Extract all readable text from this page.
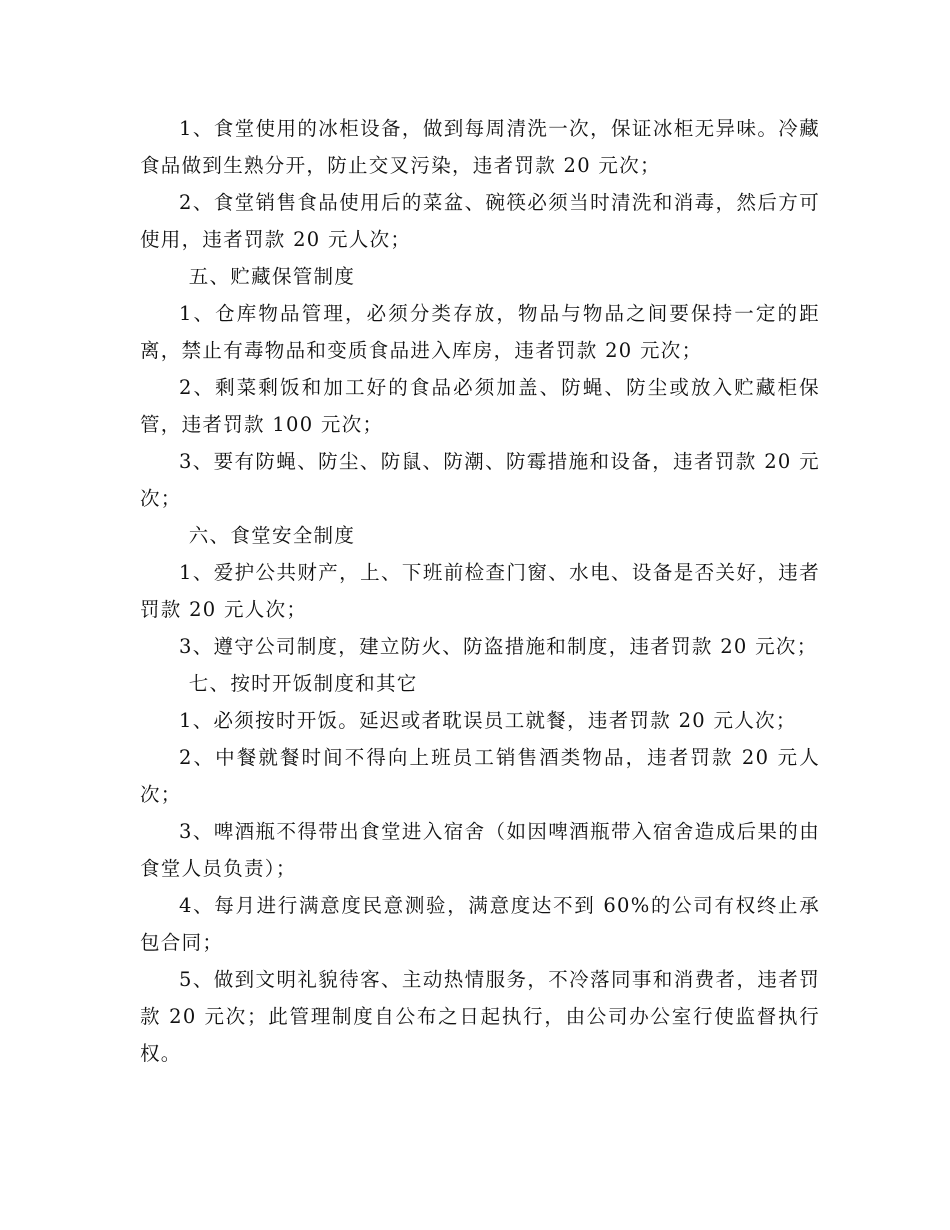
1、食堂使用的冰柜设备，做到每周清洗一次，保证冰柜无异味。冷藏食品做到生熟分开，防止交叉污染，违者罚款 20 元次；

2、食堂销售食品使用后的菜盆、碗筷必须当时清洗和消毒，然后方可使用，违者罚款 20 元人次；

五、贮藏保管制度

1、仓库物品管理，必须分类存放，物品与物品之间要保持一定的距离，禁止有毒物品和变质食品进入库房，违者罚款 20 元次；

2、剩菜剩饭和加工好的食品必须加盖、防蝇、防尘或放入贮藏柜保管，违者罚款 100 元次；

3、要有防蝇、防尘、防鼠、防潮、防霉措施和设备，违者罚款 20 元次；

六、食堂安全制度

1、爱护公共财产，上、下班前检查门窗、水电、设备是否关好，违者罚款 20 元人次；

3、遵守公司制度，建立防火、防盗措施和制度，违者罚款 20 元次；

七、按时开饭制度和其它

1、必须按时开饭。延迟或者耽误员工就餐，违者罚款 20 元人次；

2、中餐就餐时间不得向上班员工销售酒类物品，违者罚款 20 元人次；

3、啤酒瓶不得带出食堂进入宿舍（如因啤酒瓶带入宿舍造成后果的由食堂人员负责）；

4、每月进行满意度民意测验，满意度达不到 60%的公司有权终止承包合同；

5、做到文明礼貌待客、主动热情服务，不冷落同事和消费者，违者罚款 20 元次；此管理制度自公布之日起执行，由公司办公室行使监督执行权。
